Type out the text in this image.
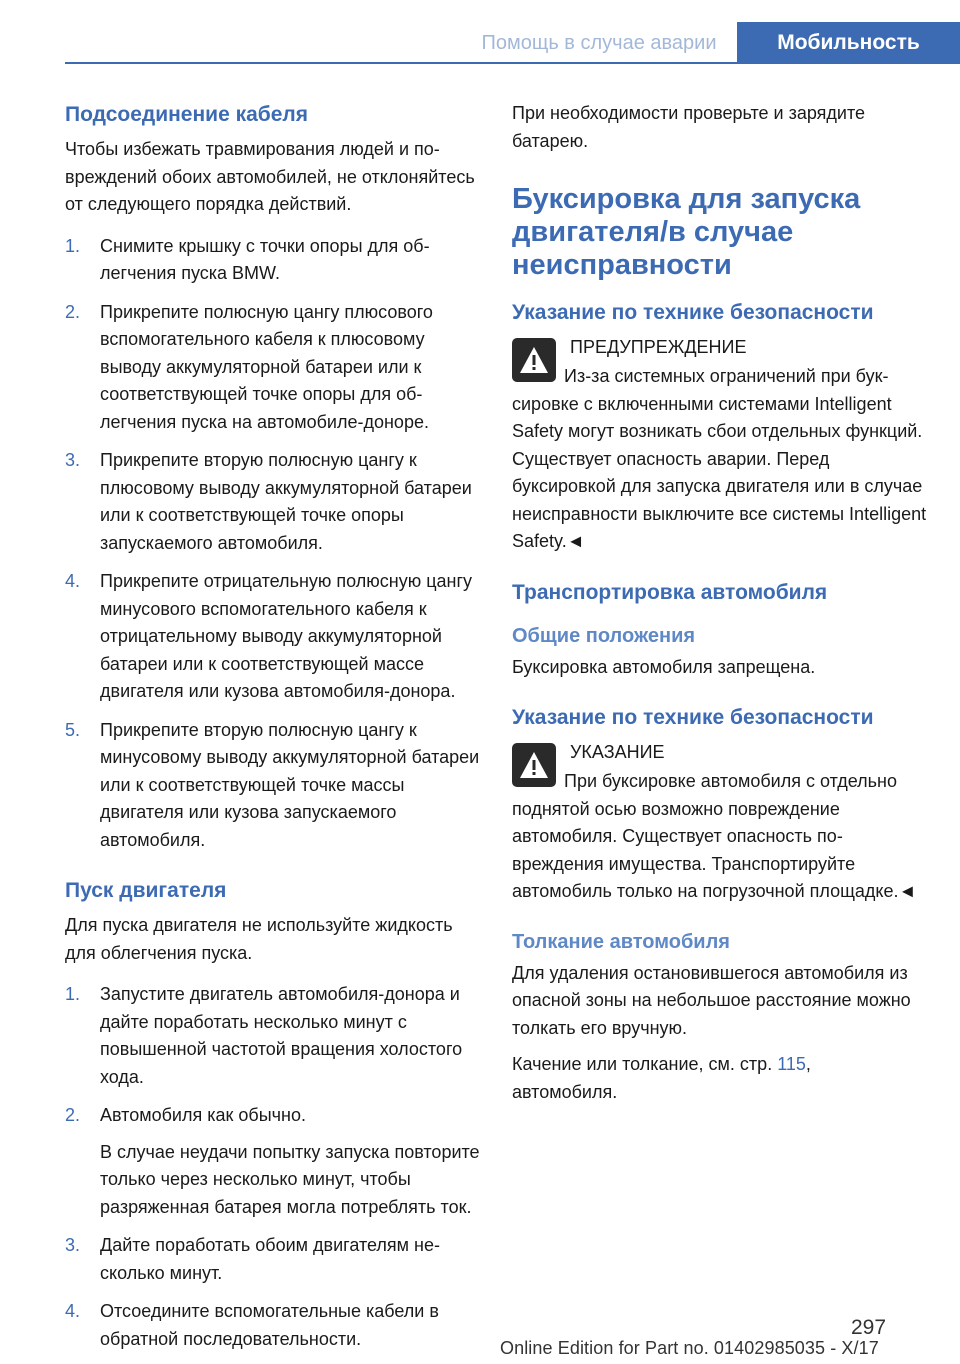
Помощь в случае аварии	Мобильность
Подсоединение кабеля

Чтобы избежать травмирования людей и повреждений обоих автомобилей, не отклоняйтесь от следующего порядка действий.

1. Снимите крышку с точки опоры для облегчения пуска BMW.
2. Прикрепите полюсную цангу плюсового вспомогательного кабеля к плюсовому выводу аккумуляторной батареи или к соответствующей точке опоры для облегчения пуска на автомобиле-доноре.
3. Прикрепите вторую полюсную цангу к плюсовому выводу аккумуляторной батареи или к соответствующей точке опоры запускаемого автомобиля.
4. Прикрепите отрицательную полюсную цангу минусового вспомогательного кабеля к отрицательному выводу аккумуляторной батареи или к соответствующей массе двигателя или кузова автомобиля-донора.
5. Прикрепите вторую полюсную цангу к минусовому выводу аккумуляторной батареи или к соответствующей точке массы двигателя или кузова запускаемого автомобиля.
Пуск двигателя

Для пуска двигателя не используйте жидкость для облегчения пуска.

1. Запустите двигатель автомобиля-донора и дайте поработать несколько минут с повышенной частотой вращения холостого хода.
2. Автомобиля как обычно.
В случае неудачи попытку запуска повторите только через несколько минут, чтобы разряженная батарея могла потреблять ток.
3. Дайте поработать обоим двигателям несколько минут.
4. Отсоедините вспомогательные кабели в обратной последовательности.

При необходимости проверьте и зарядите батарею.

Буксировка для запуска двигателя/в случае неисправности
Указание по технике безопасности

ПРЕДУПРЕЖДЕНИЕ

Из-за системных ограничений при буксировке с включенными системами Intelligent Safety могут возникать сбои отдельных функций. Существует опасность аварии. Перед буксировкой для запуска двигателя или в случае неисправности выключите все системы Intelligent Safety.◄

Транспортировка автомобиля
Общие положения

Буксировка автомобиля запрещена.

Указание по технике безопасности

УКАЗАНИЕ

При буксировке автомобиля с отдельно поднятой осью возможно повреждение автомобиля. Существует опасность повреждения имущества. Транспортируйте автомобиль только на погрузочной площадке.◄

Толкание автомобиля

Для удаления остановившегося автомобиля из опасной зоны на небольшое расстояние можно толкать его вручную.

Качение или толкание, см. стр. 115,
автомобиля.

297
Online Edition for Part no. 01402985035 - X/17
